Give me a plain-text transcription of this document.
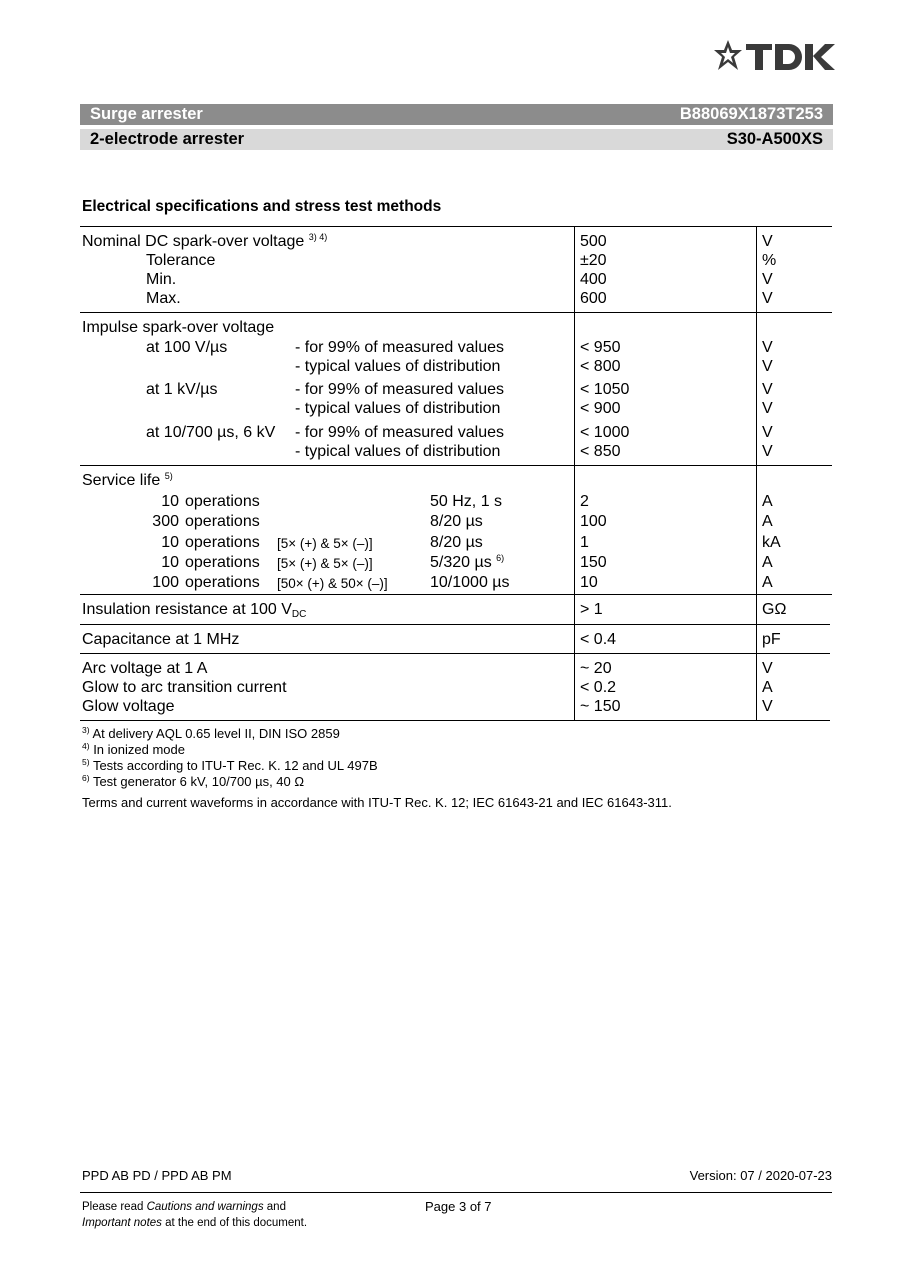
Surge arrester	B88069X1873T253
2-electrode arrester	S30-A500XS
Electrical specifications and stress test methods
Nominal DC spark-over voltage $^{3) 4)}$	500	V
Tolerance	±20	%
Min.	400	V
Max.	600	V
Impulse spark-over voltage
at 100 V/µs	- for 99% of measured values	< 950	V
- typical values of distribution	< 800	V
at 1 kV/µs	- for 99% of measured values	< 1050	V
- typical values of distribution	< 900	V
at 10/700 µs, 6 kV - for 99% of measured values	< 1000	V
- typical values of distribution	< 850	V
Service life $^{5)}$
10 operations	50 Hz, 1 s	2	A
300 operations	8/20 µs	100	A
10 operations [5× (+) & 5× (–)]	8/20 µs	1	kA
10 operations [5× (+) & 5× (–)]	5/320 µs $^{6)}$	150	A
100 operations [50× (+) & 50× (–)]	10/1000 µs	10	A
Insulation resistance at 100 $V_{DC}$	> 1	GΩ
Capacitance at 1 MHz	< 0.4	pF
Arc voltage at 1 A	~ 20	V
Glow to arc transition current	< 0.2	A
Glow voltage	~ 150	V
$^{3)}$ At delivery AQL 0.65 level II, DIN ISO 2859
$^{4)}$ In ionized mode
$^{5)}$ Tests according to ITU-T Rec. K. 12 and UL 497B
$^{6)}$ Test generator 6 kV, 10/700 µs, 40 Ω
Terms and current waveforms in accordance with ITU-T Rec. K. 12; IEC 61643-21 and IEC 61643-311.
PPD AB PD / PPD AB PM	Version: 07 / 2020-07-23
Please read Cautions and warnings and
Important notes at the end of this document.
Page 3 of 7
